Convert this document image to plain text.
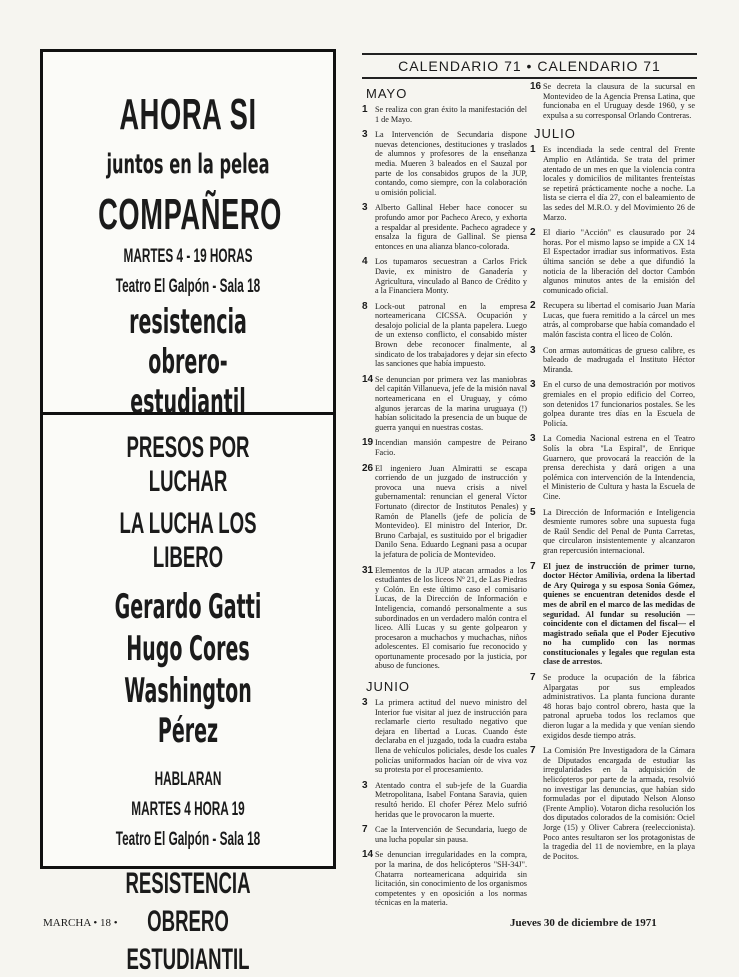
AHORA SI
juntos en la pelea
COMPAÑERO
MARTES 4 - 19 HORAS
Teatro El Galpón - Sala 18
resistencia
obrero-estudiantil
PRESOS POR LUCHAR
LA LUCHA LOS LIBERO
Gerardo Gatti
Hugo Cores
Washington Pérez
HABLARAN
MARTES 4 HORA 19
Teatro El Galpón - Sala 18
RESISTENCIA
OBRERO
ESTUDIANTIL
CALENDARIO 71 • CALENDARIO 71
MAYO
1 Se realiza con gran éxito la manifestación del 1 de Mayo.
3 La Intervención de Secundaria dispone nuevas detenciones, destituciones y traslados de alumnos y profesores de la enseñanza media. Mueren 3 baleados en el Sauzal por parte de los consabidos grupos de la JUP, contando, como siempre, con la colaboración u omisión policial.
3 Alberto Gallinal Heber hace conocer su profundo amor por Pacheco Areco, y exhorta a respaldar al presidente. Pacheco agradece y ensalza la figura de Gallinal. Se piensa entonces en una alianza blanco-colorada.
4 Los tupamaros secuestran a Carlos Frick Davie, ex ministro de Ganadería y Agricultura, vinculado al Banco de Crédito y a la Financiera Monty.
8 Lock-out patronal en la empresa norteamericana CICSSA. Ocupación y desalojo policial de la planta papelera. Luego de un extenso conflicto, el consabido míster Brown debe reconocer finalmente, al sindicato de los trabajadores y dejar sin efecto las sanciones que había impuesto.
14 Se denuncian por primera vez las maniobras del capitán Villanueva, jefe de la misión naval norteamericana en el Uruguay, y cómo algunos jerarcas de la marina uruguaya (!) habían solicitado la presencia de un buque de guerra yanqui en nuestras costas.
19 Incendian mansión campestre de Peirano Facio.
26 El ingeniero Juan Almiratti se escapa corriendo de un juzgado de instrucción y provoca una nueva crisis a nivel gubernamental: renuncian el general Víctor Fortunato (director de Institutos Penales) y Ramón de Planells (jefe de policía de Montevideo). El ministro del Interior, Dr. Bruno Carbajal, es sustituido por el brigadier Danilo Sena. Eduardo Legnani pasa a ocupar la jefatura de policía de Montevideo.
31 Elementos de la JUP atacan armados a los estudiantes de los liceos Nº 21, de Las Piedras y Colón. En este último caso el comisario Lucas, de la Dirección de Información e Inteligencia, comandó personalmente a sus subordinados en un verdadero malón contra el liceo. Allí Lucas y su gente golpearon y procesaron a muchachos y muchachas, niños adolescentes. El comisario fue reconocido y oportunamente procesado por la justicia, por abuso de funciones.
JUNIO
3 La primera actitud del nuevo ministro del Interior fue visitar al juez de instrucción para reclamarle cierto resultado negativo que dejara en libertad a Lucas. Cuando éste declaraba en el juzgado, toda la cuadra estaba llena de vehículos policiales, desde los cuales policías uniformados hacían oír de viva voz su protesta por el procesamiento.
3 Atentado contra el sub-jefe de la Guardia Metropolitana, Isabel Fontana Saravia, quien resultó herido. El chofer Pérez Melo sufrió heridas que le provocaron la muerte.
7 Cae la Intervención de Secundaria, luego de una lucha popular sin pausa.
14 Se denuncian irregularidades en la compra, por la marina, de dos helicópteros "SH-34J". Chatarra norteamericana adquirida sin licitación, sin conocimiento de los organismos competentes y en oposición a los normas técnicas en la materia.
16 Se decreta la clausura de la sucursal en Montevideo de la Agencia Prensa Latina, que funcionaba en el Uruguay desde 1960, y se expulsa a su corresponsal Orlando Contreras.
JULIO
1 Es incendiada la sede central del Frente Amplio en Atlántida. Se trata del primer atentado de un mes en que la violencia contra locales y domicilios de militantes frenteístas se repetirá prácticamente noche a noche. La lista se cierra el día 27, con el baleamiento de las sedes del M.R.O. y del Movimiento 26 de Marzo.
2 El diario "Acción" es clausurado por 24 horas. Por el mismo lapso se impide a CX 14 El Espectador irradiar sus informativos. Esta última sanción se debe a que difundió la noticia de la liberación del doctor Cambón algunos minutos antes de la emisión del comunicado oficial.
2 Recupera su libertad el comisario Juan María Lucas, que fuera remitido a la cárcel un mes atrás, al comprobarse que había comandado el malón fascista contra el liceo de Colón.
3 Con armas automáticas de grueso calibre, es baleado de madrugada el Instituto Héctor Miranda.
3 En el curso de una demostración por motivos gremiales en el propio edificio del Correo, son detenidos 17 funcionarios postales. Se les golpea durante tres días en la Escuela de Policía.
3 La Comedia Nacional estrena en el Teatro Solís la obra "La Espiral", de Enrique Guarnero, que provocará la reacción de la prensa derechista y dará origen a una polémica con intervención de la Intendencia, el Ministerio de Cultura y hasta la Escuela de Cine.
5 La Dirección de Información e Inteligencia desmiente rumores sobre una supuesta fuga de Raúl Sendic del Penal de Punta Carretas, que circularon insistentemente y alcanzaron gran repercusión internacional.
7 El juez de instrucción de primer turno, doctor Héctor Amilivia, ordena la libertad de Ary Quiroga y su esposa Sonia Gómez, quienes se encuentran detenidos desde el mes de abril en el marco de las medidas de seguridad. Al fundar su resolución —coincidente con el dictamen del fiscal— el magistrado señala que el Poder Ejecutivo no ha cumplido con las normas constitucionales y legales que regulan esta clase de arrestos.
7 Se produce la ocupación de la fábrica Alpargatas por sus empleados administrativos. La planta funciona durante 48 horas bajo control obrero, hasta que la patronal aprueba todos los reclamos que dieron lugar a la medida y que venían siendo exigidos desde tiempo atrás.
7 La Comisión Pre Investigadora de la Cámara de Diputados encargada de estudiar las irregularidades en la adquisición de helicópteros por parte de la armada, resolvió no investigar las denuncias, que habían sido formuladas por el diputado Nelson Alonso (Frente Amplio). Votaron dicha resolución los dos diputados colorados de la comisión: Ociel Jorge (15) y Oliver Cabrera (reeleccionista). Poco antes resultaron ser los protagonistas de la tragedia del 11 de noviembre, en la playa de Pocitos.
MARCHA • 18 •	Jueves 30 de diciembre de 1971
